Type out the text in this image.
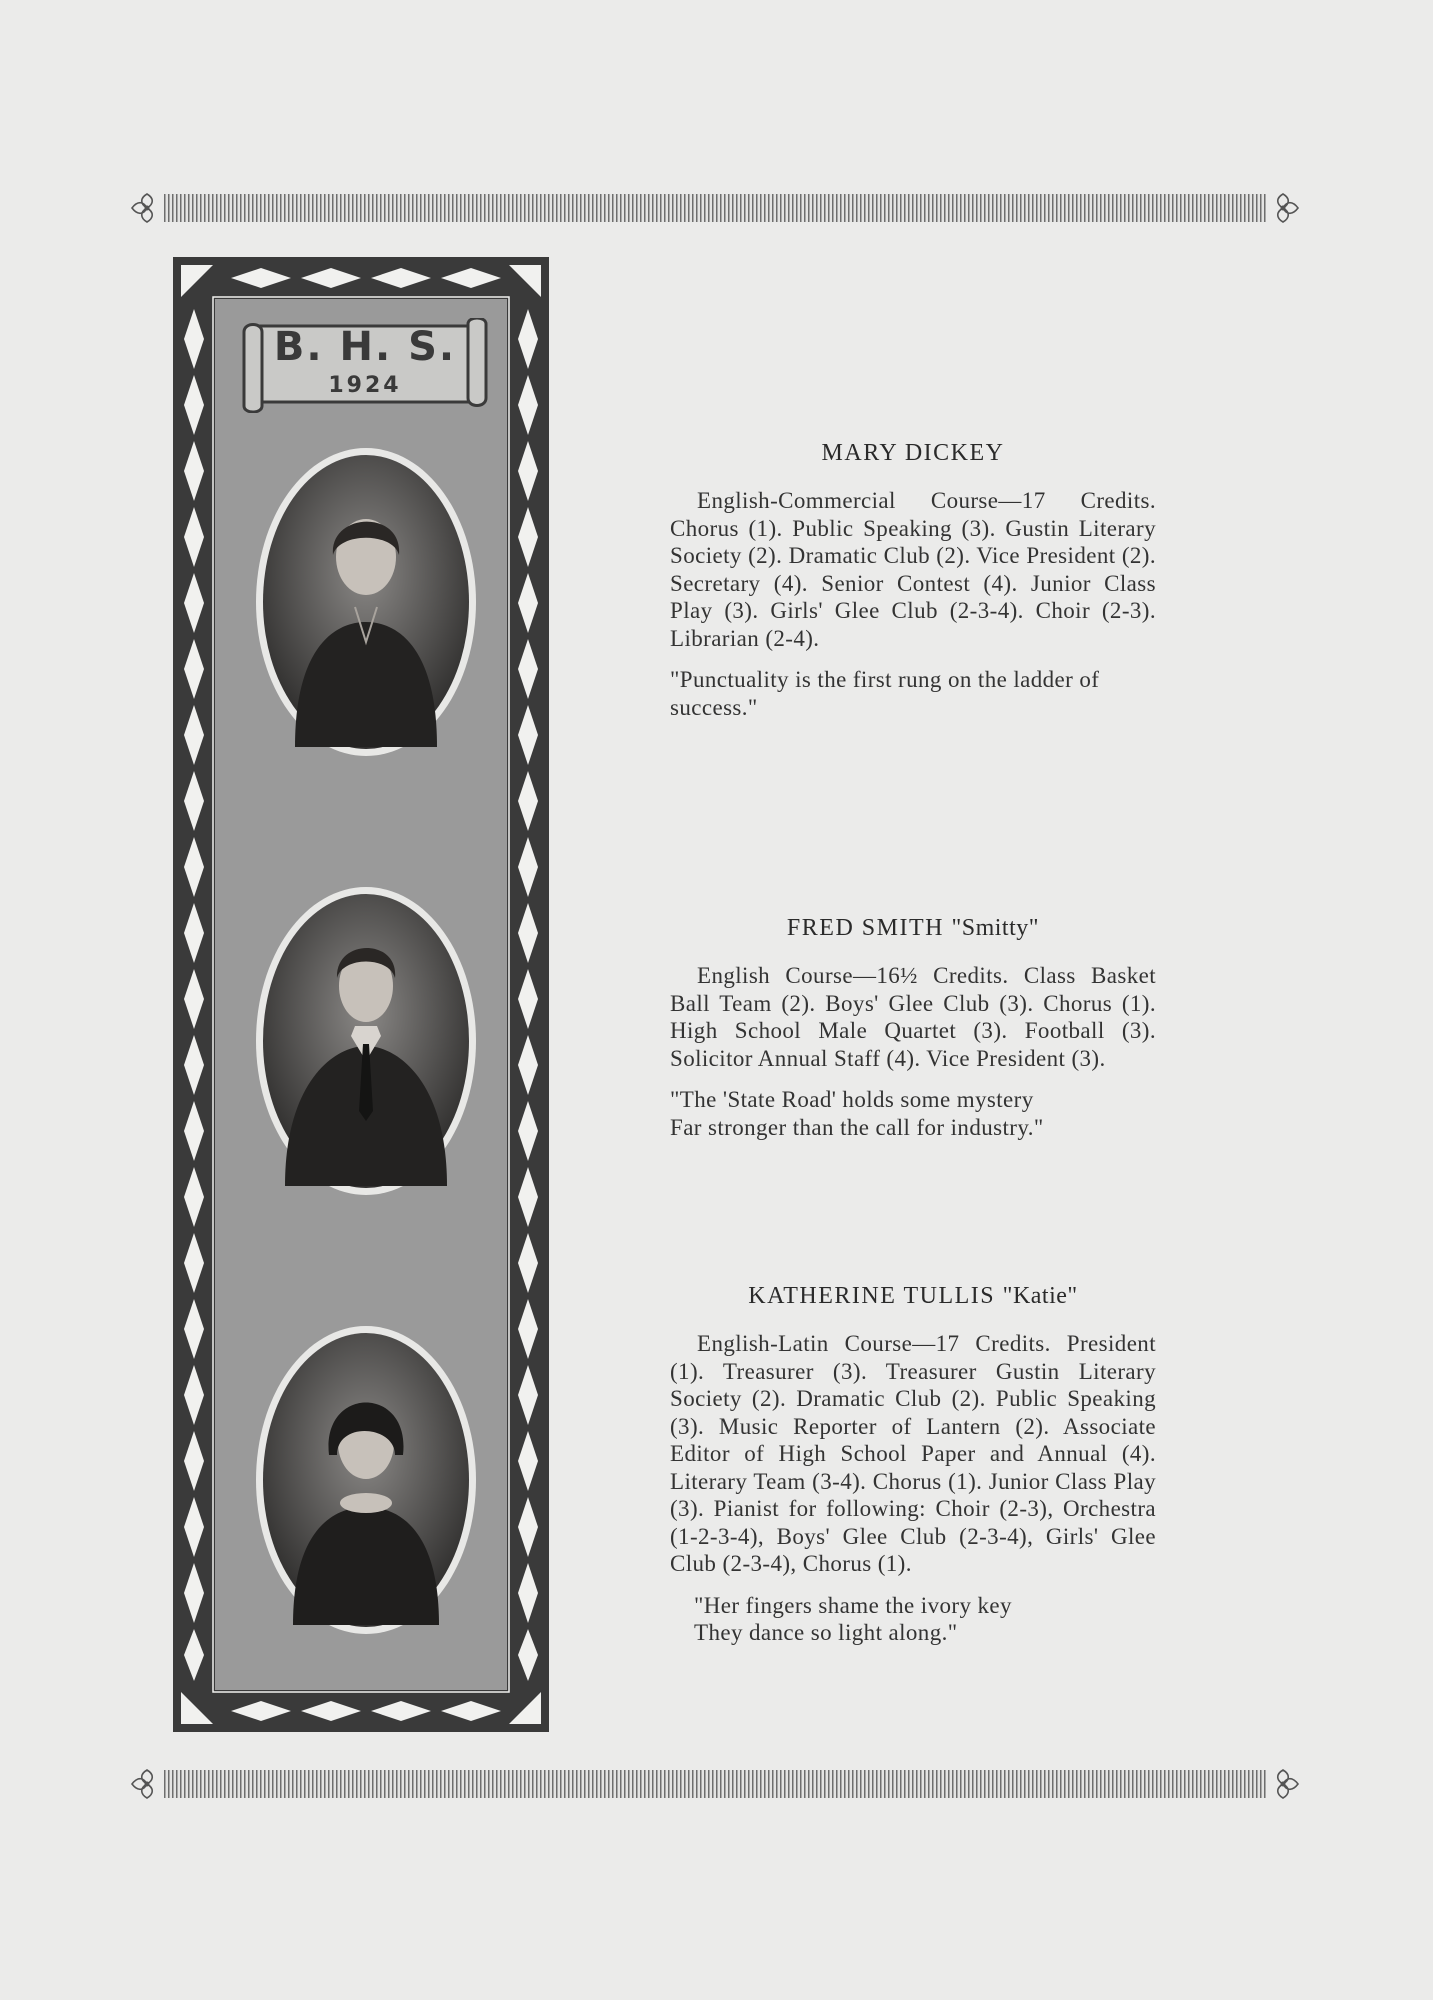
B. H. S.
1924
MARY DICKEY

English-Commercial Course—17 Credits. Chorus (1). Public Speaking (3). Gustin Literary Society (2). Dramatic Club (2). Vice President (2). Secretary (4). Senior Contest (4). Junior Class Play (3). Girls' Glee Club (2-3-4). Choir (2-3). Librarian (2-4).

"Punctuality is the first rung on the ladder of success."

FRED SMITH "Smitty"

English Course—16½ Credits. Class Basket Ball Team (2). Boys' Glee Club (3). Chorus (1). High School Male Quartet (3). Football (3). Solicitor Annual Staff (4). Vice President (3).

"The 'State Road' holds some mystery
Far stronger than the call for industry."

KATHERINE TULLIS "Katie"

English-Latin Course—17 Credits. President (1). Treasurer (3). Treasurer Gustin Literary Society (2). Dramatic Club (2). Public Speaking (3). Music Reporter of Lantern (2). Associate Editor of High School Paper and Annual (4). Literary Team (3-4). Chorus (1). Junior Class Play (3). Pianist for following: Choir (2-3), Orchestra (1-2-3-4), Boys' Glee Club (2-3-4), Girls' Glee Club (2-3-4), Chorus (1).

"Her fingers shame the ivory key
They dance so light along."
